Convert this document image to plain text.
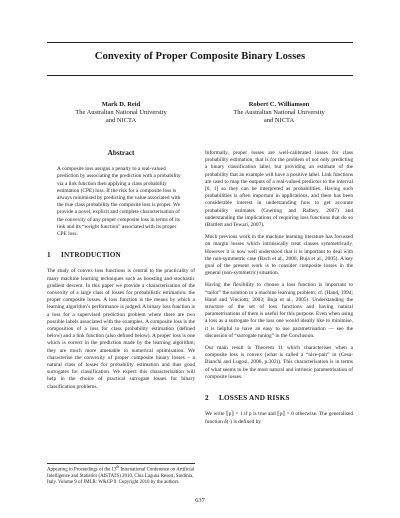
Convexity of Proper Composite Binary Losses
Mark D. Reid
The Australian National University
and NICTA
Robert C. Williamson
The Australian National University
and NICTA
Abstract

A composite loss assigns a penalty to a real-valued prediction by associating the prediction with a probability via a link function then applying a class probability estimation (CPE) loss. If the risk for a composite loss is always minimised by predicting the value associated with the true class probability the composite loss is proper. We provide a novel, explicit and complete characterisation of the convexity of any proper composite loss in terms of its link and its “weight function” associated with its proper CPE loss.

1 INTRODUCTION

The study of convex loss functions is central to the practicality of many machine learning techniques such as boosting and stochastic gradient descent. In this paper we provide a characterisation of the convexity of a large class of losses for probabilistic estimation: the proper composite losses. A loss function is the means by which a learning algorithm’s performance is judged. A binary loss function is a loss for a supervised prediction problem where there are two possible labels associated with the examples. A composite loss is the composition of a loss for class probability estimation (defined below) and a link function (also defined below). A proper loss is one which is correct in the prediction made by the learning algorithm; they are much more amenable to numerical optimisation. We characterise the convexity of proper composite binary losses – a natural class of losses for probability estimation and thus good surrogates for classification. We expect this characterisation will help in the choice of practical surrogate losses for binary classification problems.

Informally, proper losses are well-calibrated losses for class probability estimation, that is for the problem of not only predicting a binary classification label, but providing an estimate of the probability that an example will have a positive label. Link functions are used to map the outputs of a real-valued predictor to the interval [0, 1] so they can be interpreted as probabilities. Having such probabilities is often important in applications, and there has been considerable interest in understanding how to get accurate probability estimates (Gneiting and Raftery, 2007) and understanding the implications of requiring loss functions that do so (Bartlett and Tewari, 2007).

Much previous work in the machine learning literature has focussed on margin losses which intrinsically treat classes symmetrically. However it is now well understood that it is important to deal with the non-symmetric case (Bach et al., 2006; Buja et al., 2005). A key goal of the present work is to consider composite losses in the general (non-symmetric) situation.

Having the flexibility to choose a loss function is important to “tailor” the solution to a machine learning problem; cf. (Hand, 1994; Hand and Vinciotti, 2003; Buja et al., 2005). Understanding the structure of the set of loss functions and having natural parametrisations of them is useful for this purpose. Even when using a loss as a surrogate for the loss one would ideally like to minimise, it is helpful to have an easy to use parametrisation — see the discussion of “surrogate tuning” in the Conclusion.

Our main result is Theorem 11 which characterises when a composite loss is convex (what is called a “nice-pair” in (Cesa-Bianchi and Lugosi, 2006, p.302)). This characterisation is in terms of what seems to be the most natural and intrinsic parametrisation of composite losses.

2 LOSSES AND RISKS

We write ⟦p⟧ = 1 if p is true and ⟦p⟧ = 0 otherwise. The generalised function δ(·) is defined by

Appearing in Proceedings of the 13th International Conference on Artificial Intelligence and Statistics (AISTATS) 2010, Chia Laguna Resort, Sardinia, Italy. Volume 9 of JMLR: W&CP 9. Copyright 2010 by the authors.
637
